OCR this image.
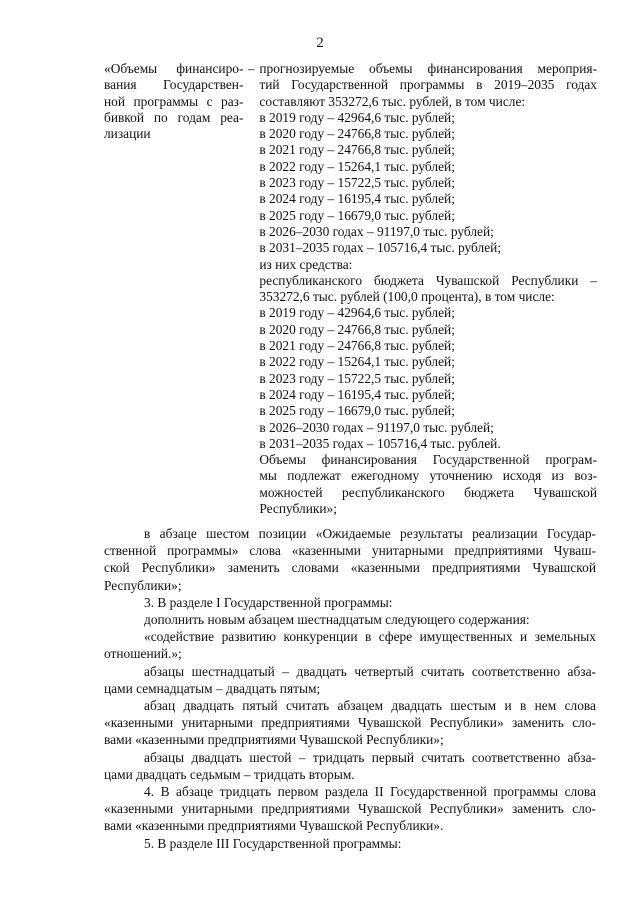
2
«Объемы финансиро-
вания Государствен-
ной программы с раз-
бивкой по годам реа-
лизации
– прогнозируемые объемы финансирования мероприя-
тий Государственной программы в 2019–2035 годах
составляют 353272,6 тыс. рублей, в том числе:
в 2019 году – 42964,6 тыс. рублей;
в 2020 году – 24766,8 тыс. рублей;
в 2021 году – 24766,8 тыс. рублей;
в 2022 году – 15264,1 тыс. рублей;
в 2023 году – 15722,5 тыс. рублей;
в 2024 году – 16195,4 тыс. рублей;
в 2025 году – 16679,0 тыс. рублей;
в 2026–2030 годах – 91197,0 тыс. рублей;
в 2031–2035 годах – 105716,4 тыс. рублей;
из них средства:
республиканского бюджета Чувашской Республики –
353272,6 тыс. рублей (100,0 процента), в том числе:
в 2019 году – 42964,6 тыс. рублей;
в 2020 году – 24766,8 тыс. рублей;
в 2021 году – 24766,8 тыс. рублей;
в 2022 году – 15264,1 тыс. рублей;
в 2023 году – 15722,5 тыс. рублей;
в 2024 году – 16195,4 тыс. рублей;
в 2025 году – 16679,0 тыс. рублей;
в 2026–2030 годах – 91197,0 тыс. рублей;
в 2031–2035 годах – 105716,4 тыс. рублей.
Объемы финансирования Государственной програм-
мы подлежат ежегодному уточнению исходя из воз-
можностей республиканского бюджета Чувашской
Республики»;
в абзаце шестом позиции «Ожидаемые результаты реализации Государ-
ственной программы» слова «казенными унитарными предприятиями Чуваш-
ской Республики» заменить словами «казенными предприятиями Чувашской
Республики»;
3. В разделе I Государственной программы:
дополнить новым абзацем шестнадцатым следующего содержания:
«содействие развитию конкуренции в сфере имущественных и земельных
отношений.»;
абзацы шестнадцатый – двадцать четвертый считать соответственно абза-
цами семнадцатым – двадцать пятым;
абзац двадцать пятый считать абзацем двадцать шестым и в нем слова
«казенными унитарными предприятиями Чувашской Республики» заменить сло-
вами «казенными предприятиями Чувашской Республики»;
абзацы двадцать шестой – тридцать первый считать соответственно абза-
цами двадцать седьмым – тридцать вторым.
4. В абзаце тридцать первом раздела II Государственной программы слова
«казенными унитарными предприятиями Чувашской Республики» заменить сло-
вами «казенными предприятиями Чувашской Республики».
5. В разделе III Государственной программы:
